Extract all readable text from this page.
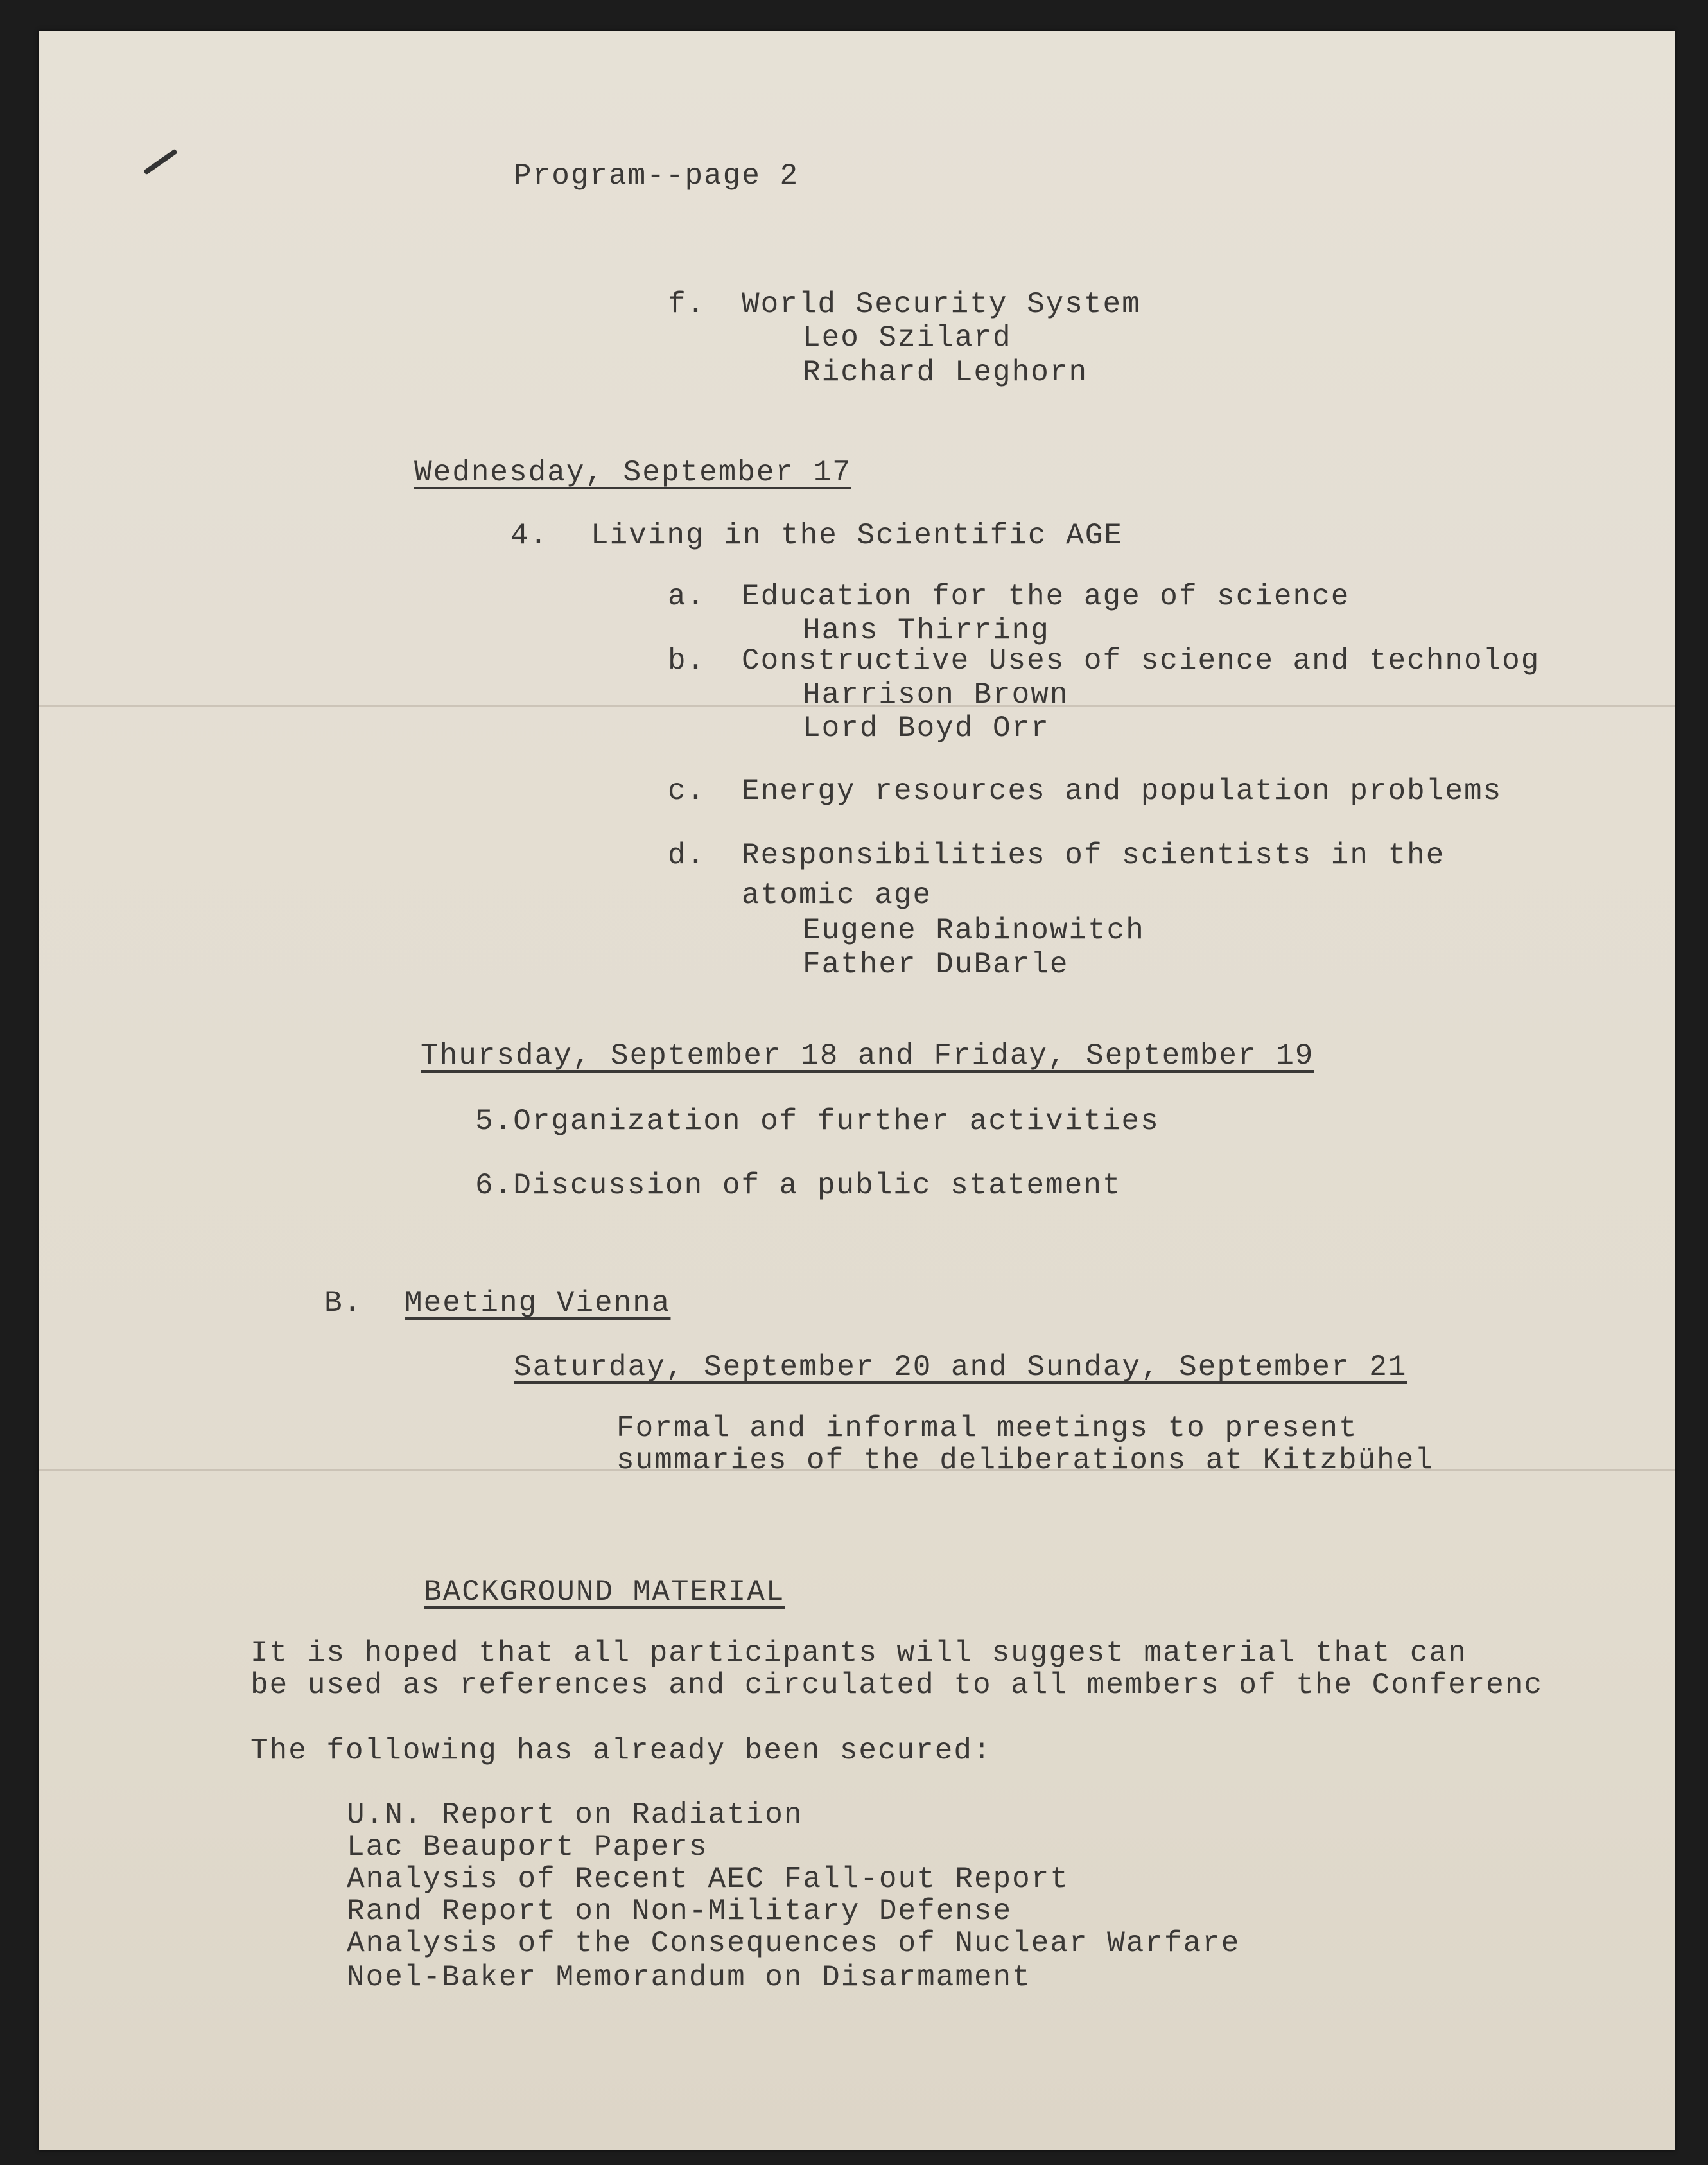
Program--page 2
f. World Security System
Leo Szilard
Richard Leghorn
Wednesday, September 17
4. Living in the Scientific AGE
a. Education for the age of science
Hans Thirring
b. Constructive Uses of science and technolog
Harrison Brown
Lord Boyd Orr
c. Energy resources and population problems
d. Responsibilities of scientists in the
atomic age
Eugene Rabinowitch
Father DuBarle
Thursday, September 18 and Friday, September 19
5.Organization of further activities
6.Discussion of a public statement
B. Meeting Vienna
Saturday, September 20 and Sunday, September 21
Formal and informal meetings to present
summaries of the deliberations at Kitzbühel
BACKGROUND MATERIAL
It is hoped that all participants will suggest material that can
be used as references and circulated to all members of the Conferenc
The following has already been secured:
U.N. Report on Radiation
Lac Beauport Papers
Analysis of Recent AEC Fall-out Report
Rand Report on Non-Military Defense
Analysis of the Consequences of Nuclear Warfare
Noel-Baker Memorandum on Disarmament
